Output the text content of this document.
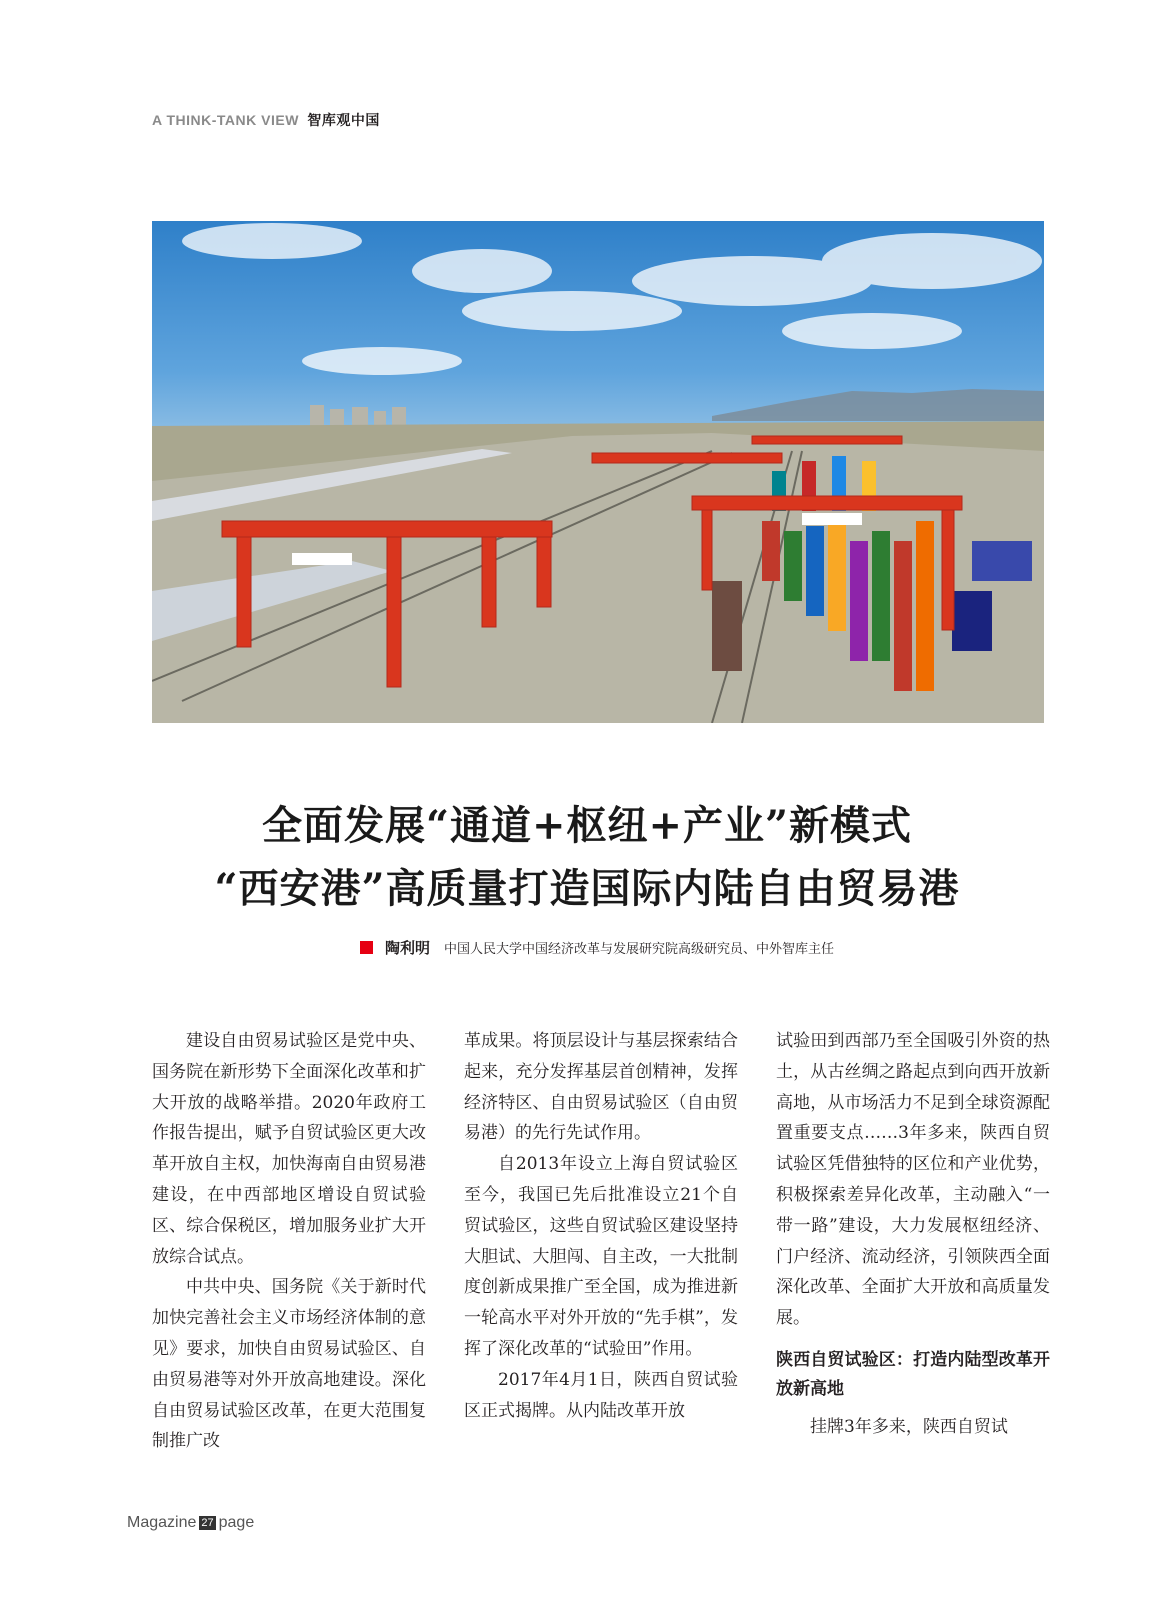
A THINK-TANK VIEW 智库观中国
全面发展“通道+枢纽+产业”新模式
“西安港”高质量打造国际内陆自由贸易港
陶利明 中国人民大学中国经济改革与发展研究院高级研究员、中外智库主任

建设自由贸易试验区是党中央、国务院在新形势下全面深化改革和扩大开放的战略举措。2020年政府工作报告提出，赋予自贸试验区更大改革开放自主权，加快海南自由贸易港建设，在中西部地区增设自贸试验区、综合保税区，增加服务业扩大开放综合试点。

中共中央、国务院《关于新时代加快完善社会主义市场经济体制的意见》要求，加快自由贸易试验区、自由贸易港等对外开放高地建设。深化自由贸易试验区改革，在更大范围复制推广改

革成果。将顶层设计与基层探索结合起来，充分发挥基层首创精神，发挥经济特区、自由贸易试验区（自由贸易港）的先行先试作用。

自2013年设立上海自贸试验区至今，我国已先后批准设立21个自贸试验区，这些自贸试验区建设坚持大胆试、大胆闯、自主改，一大批制度创新成果推广至全国，成为推进新一轮高水平对外开放的“先手棋”，发挥了深化改革的“试验田”作用。

2017年4月1日，陕西自贸试验区正式揭牌。从内陆改革开放

试验田到西部乃至全国吸引外资的热土，从古丝绸之路起点到向西开放新高地，从市场活力不足到全球资源配置重要支点……3年多来，陕西自贸试验区凭借独特的区位和产业优势，积极探索差异化改革，主动融入“一带一路”建设，大力发展枢纽经济、门户经济、流动经济，引领陕西全面深化改革、全面扩大开放和高质量发展。

陕西自贸试验区：打造内陆型改革开放新高地

挂牌3年多来，陕西自贸试

Magazine 27 page
